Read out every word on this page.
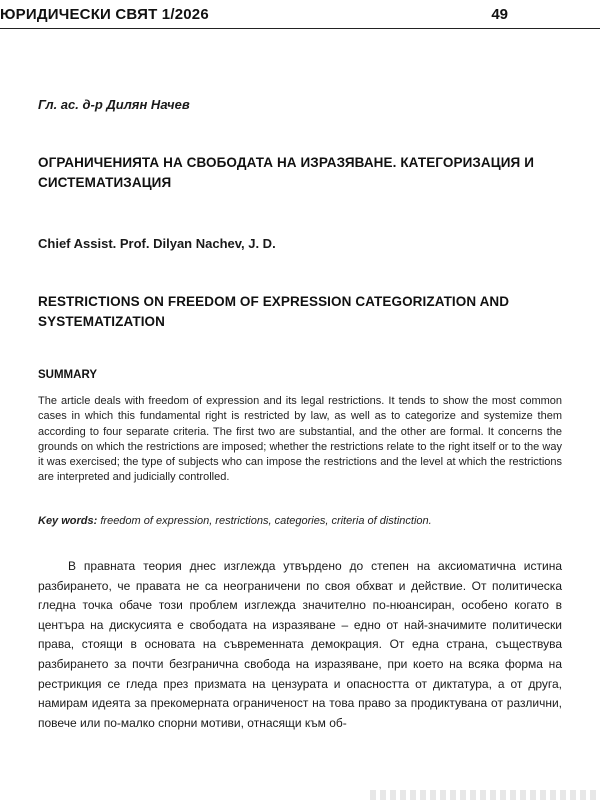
ЮРИДИЧЕСКИ СВЯТ 1/2026	49
Гл. ас. д-р Дилян Начев
ОГРАНИЧЕНИЯТА НА СВОБОДАТА НА ИЗРАЗЯВАНЕ. КАТЕГОРИЗАЦИЯ И СИСТЕМАТИЗАЦИЯ
Chief Assist. Prof. Dilyan Nachev, J. D.
RESTRICTIONS ON FREEDOM OF EXPRESSION CATEGORIZATION AND SYSTEMATIZATION
SUMMARY
The article deals with freedom of expression and its legal restrictions. It tends to show the most common cases in which this fundamental right is restricted by law, as well as to categorize and systemize them according to four separate criteria. The first two are substantial, and the other are formal. It concerns the grounds on which the restrictions are imposed; whether the restrictions relate to the right itself or to the way it was exercised; the type of subjects who can impose the restrictions and the level at which the restrictions are interpreted and judicially controlled.
Key words: freedom of expression, restrictions, categories, criteria of distinction.
В правната теория днес изглежда утвърдено до степен на аксиоматична истина разбирането, че правата не са неограничени по своя обхват и действие. От политическа гледна точка обаче този проблем изглежда значително по-нюансиран, особено когато в центъра на дискусията е свободата на изразяване – едно от най-значимите политически права, стоящи в основата на съвременната демокрация. От една страна, съществува разбирането за почти безгранична свобода на изразяване, при което на всяка форма на рестрикция се гледа през призмата на цензурата и опасността от диктатура, а от друга, намирам идеята за прекомерната ограниченост на това право за продиктувана от различни, повече или по-малко спорни мотиви, отнасящи към об-
